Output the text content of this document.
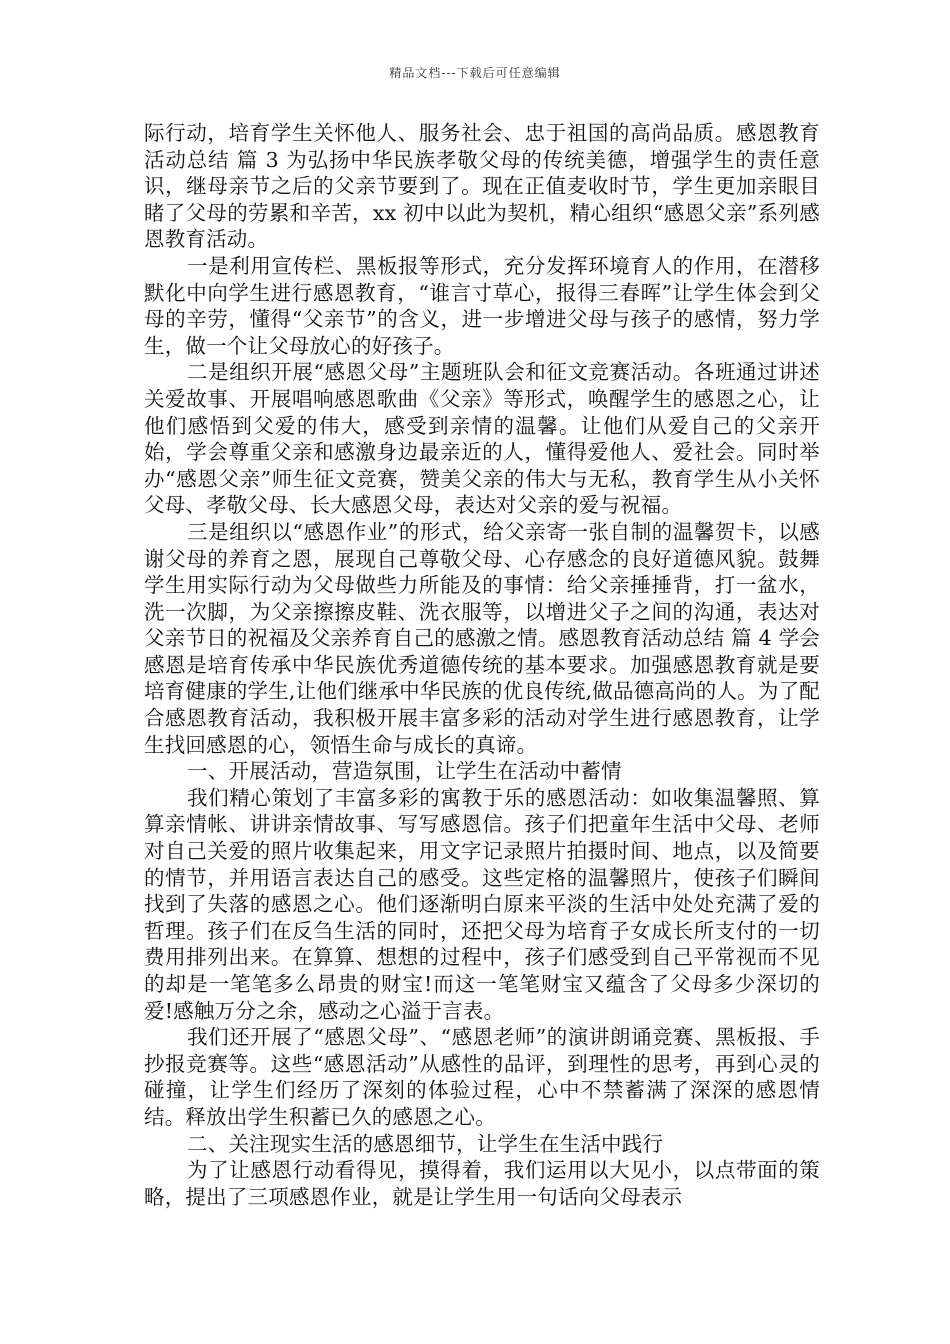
精品文档---下载后可任意编辑

际行动，培育学生关怀他人、服务社会、忠于祖国的高尚品质。感恩教育活动总结 篇 3 为弘扬中华民族孝敬父母的传统美德，增强学生的责任意识，继母亲节之后的父亲节要到了。现在正值麦收时节，学生更加亲眼目睹了父母的劳累和辛苦，xx 初中以此为契机，精心组织“感恩父亲”系列感恩教育活动。

一是利用宣传栏、黑板报等形式，充分发挥环境育人的作用，在潜移默化中向学生进行感恩教育，“谁言寸草心，报得三春晖”让学生体会到父母的辛劳，懂得“父亲节”的含义，进一步增进父母与孩子的感情，努力学生，做一个让父母放心的好孩子。

二是组织开展“感恩父母”主题班队会和征文竞赛活动。各班通过讲述关爱故事、开展唱响感恩歌曲《父亲》等形式，唤醒学生的感恩之心，让他们感悟到父爱的伟大，感受到亲情的温馨。让他们从爱自己的父亲开始，学会尊重父亲和感激身边最亲近的人，懂得爱他人、爱社会。同时举办“感恩父亲”师生征文竞赛，赞美父亲的伟大与无私，教育学生从小关怀父母、孝敬父母、长大感恩父母，表达对父亲的爱与祝福。

三是组织以“感恩作业”的形式，给父亲寄一张自制的温馨贺卡，以感谢父母的养育之恩，展现自己尊敬父母、心存感念的良好道德风貌。鼓舞学生用实际行动为父母做些力所能及的事情：给父亲捶捶背，打一盆水，洗一次脚，为父亲擦擦皮鞋、洗衣服等，以增进父子之间的沟通，表达对父亲节日的祝福及父亲养育自己的感激之情。感恩教育活动总结 篇 4 学会感恩是培育传承中华民族优秀道德传统的基本要求。加强感恩教育就是要培育健康的学生,让他们继承中华民族的优良传统,做品德高尚的人。为了配合感恩教育活动，我积极开展丰富多彩的活动对学生进行感恩教育，让学生找回感恩的心，领悟生命与成长的真谛。

一、开展活动，营造氛围，让学生在活动中蓄情

我们精心策划了丰富多彩的寓教于乐的感恩活动：如收集温馨照、算算亲情帐、讲讲亲情故事、写写感恩信。孩子们把童年生活中父母、老师对自己关爱的照片收集起来，用文字记录照片拍摄时间、地点，以及简要的情节，并用语言表达自己的感受。这些定格的温馨照片，使孩子们瞬间找到了失落的感恩之心。他们逐渐明白原来平淡的生活中处处充满了爱的哲理。孩子们在反刍生活的同时，还把父母为培育子女成长所支付的一切费用排列出来。在算算、想想的过程中，孩子们感受到自己平常视而不见的却是一笔笔多么昂贵的财宝!而这一笔笔财宝又蕴含了父母多少深切的爱!感触万分之余，感动之心溢于言表。

我们还开展了“感恩父母”、“感恩老师”的演讲朗诵竞赛、黑板报、手抄报竞赛等。这些“感恩活动”从感性的品评，到理性的思考，再到心灵的碰撞，让学生们经历了深刻的体验过程，心中不禁蓄满了深深的感恩情结。释放出学生积蓄已久的感恩之心。

二、关注现实生活的感恩细节，让学生在生活中践行

为了让感恩行动看得见，摸得着，我们运用以大见小，以点带面的策略，提出了三项感恩作业，就是让学生用一句话向父母表示
